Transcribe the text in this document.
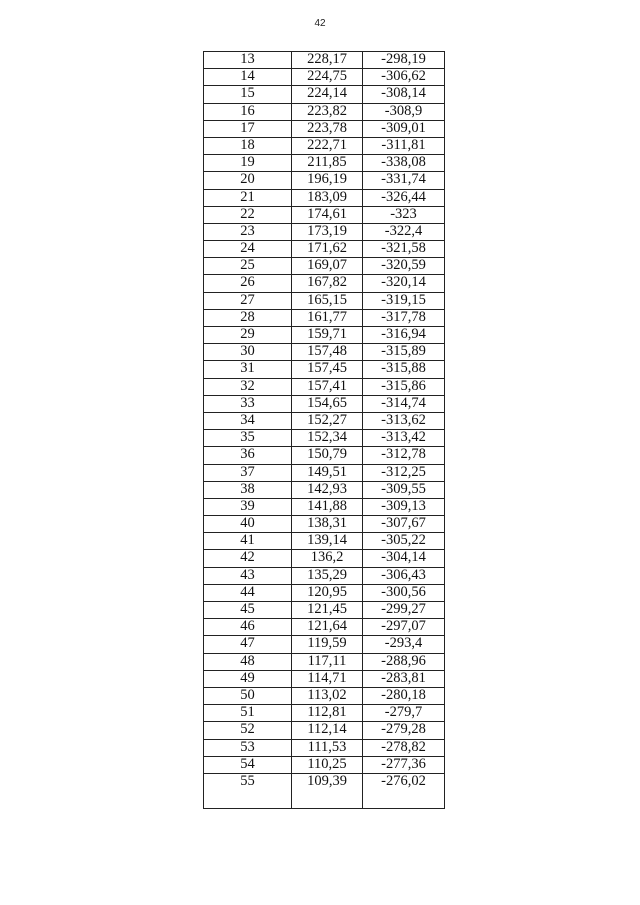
42
13	228,17	-298,19
14	224,75	-306,62
15	224,14	-308,14
16	223,82	-308,9
17	223,78	-309,01
18	222,71	-311,81
19	211,85	-338,08
20	196,19	-331,74
21	183,09	-326,44
22	174,61	-323
23	173,19	-322,4
24	171,62	-321,58
25	169,07	-320,59
26	167,82	-320,14
27	165,15	-319,15
28	161,77	-317,78
29	159,71	-316,94
30	157,48	-315,89
31	157,45	-315,88
32	157,41	-315,86
33	154,65	-314,74
34	152,27	-313,62
35	152,34	-313,42
36	150,79	-312,78
37	149,51	-312,25
38	142,93	-309,55
39	141,88	-309,13
40	138,31	-307,67
41	139,14	-305,22
42	136,2	-304,14
43	135,29	-306,43
44	120,95	-300,56
45	121,45	-299,27
46	121,64	-297,07
47	119,59	-293,4
48	117,11	-288,96
49	114,71	-283,81
50	113,02	-280,18
51	112,81	-279,7
52	112,14	-279,28
53	111,53	-278,82
54	110,25	-277,36
55	109,39	-276,02
